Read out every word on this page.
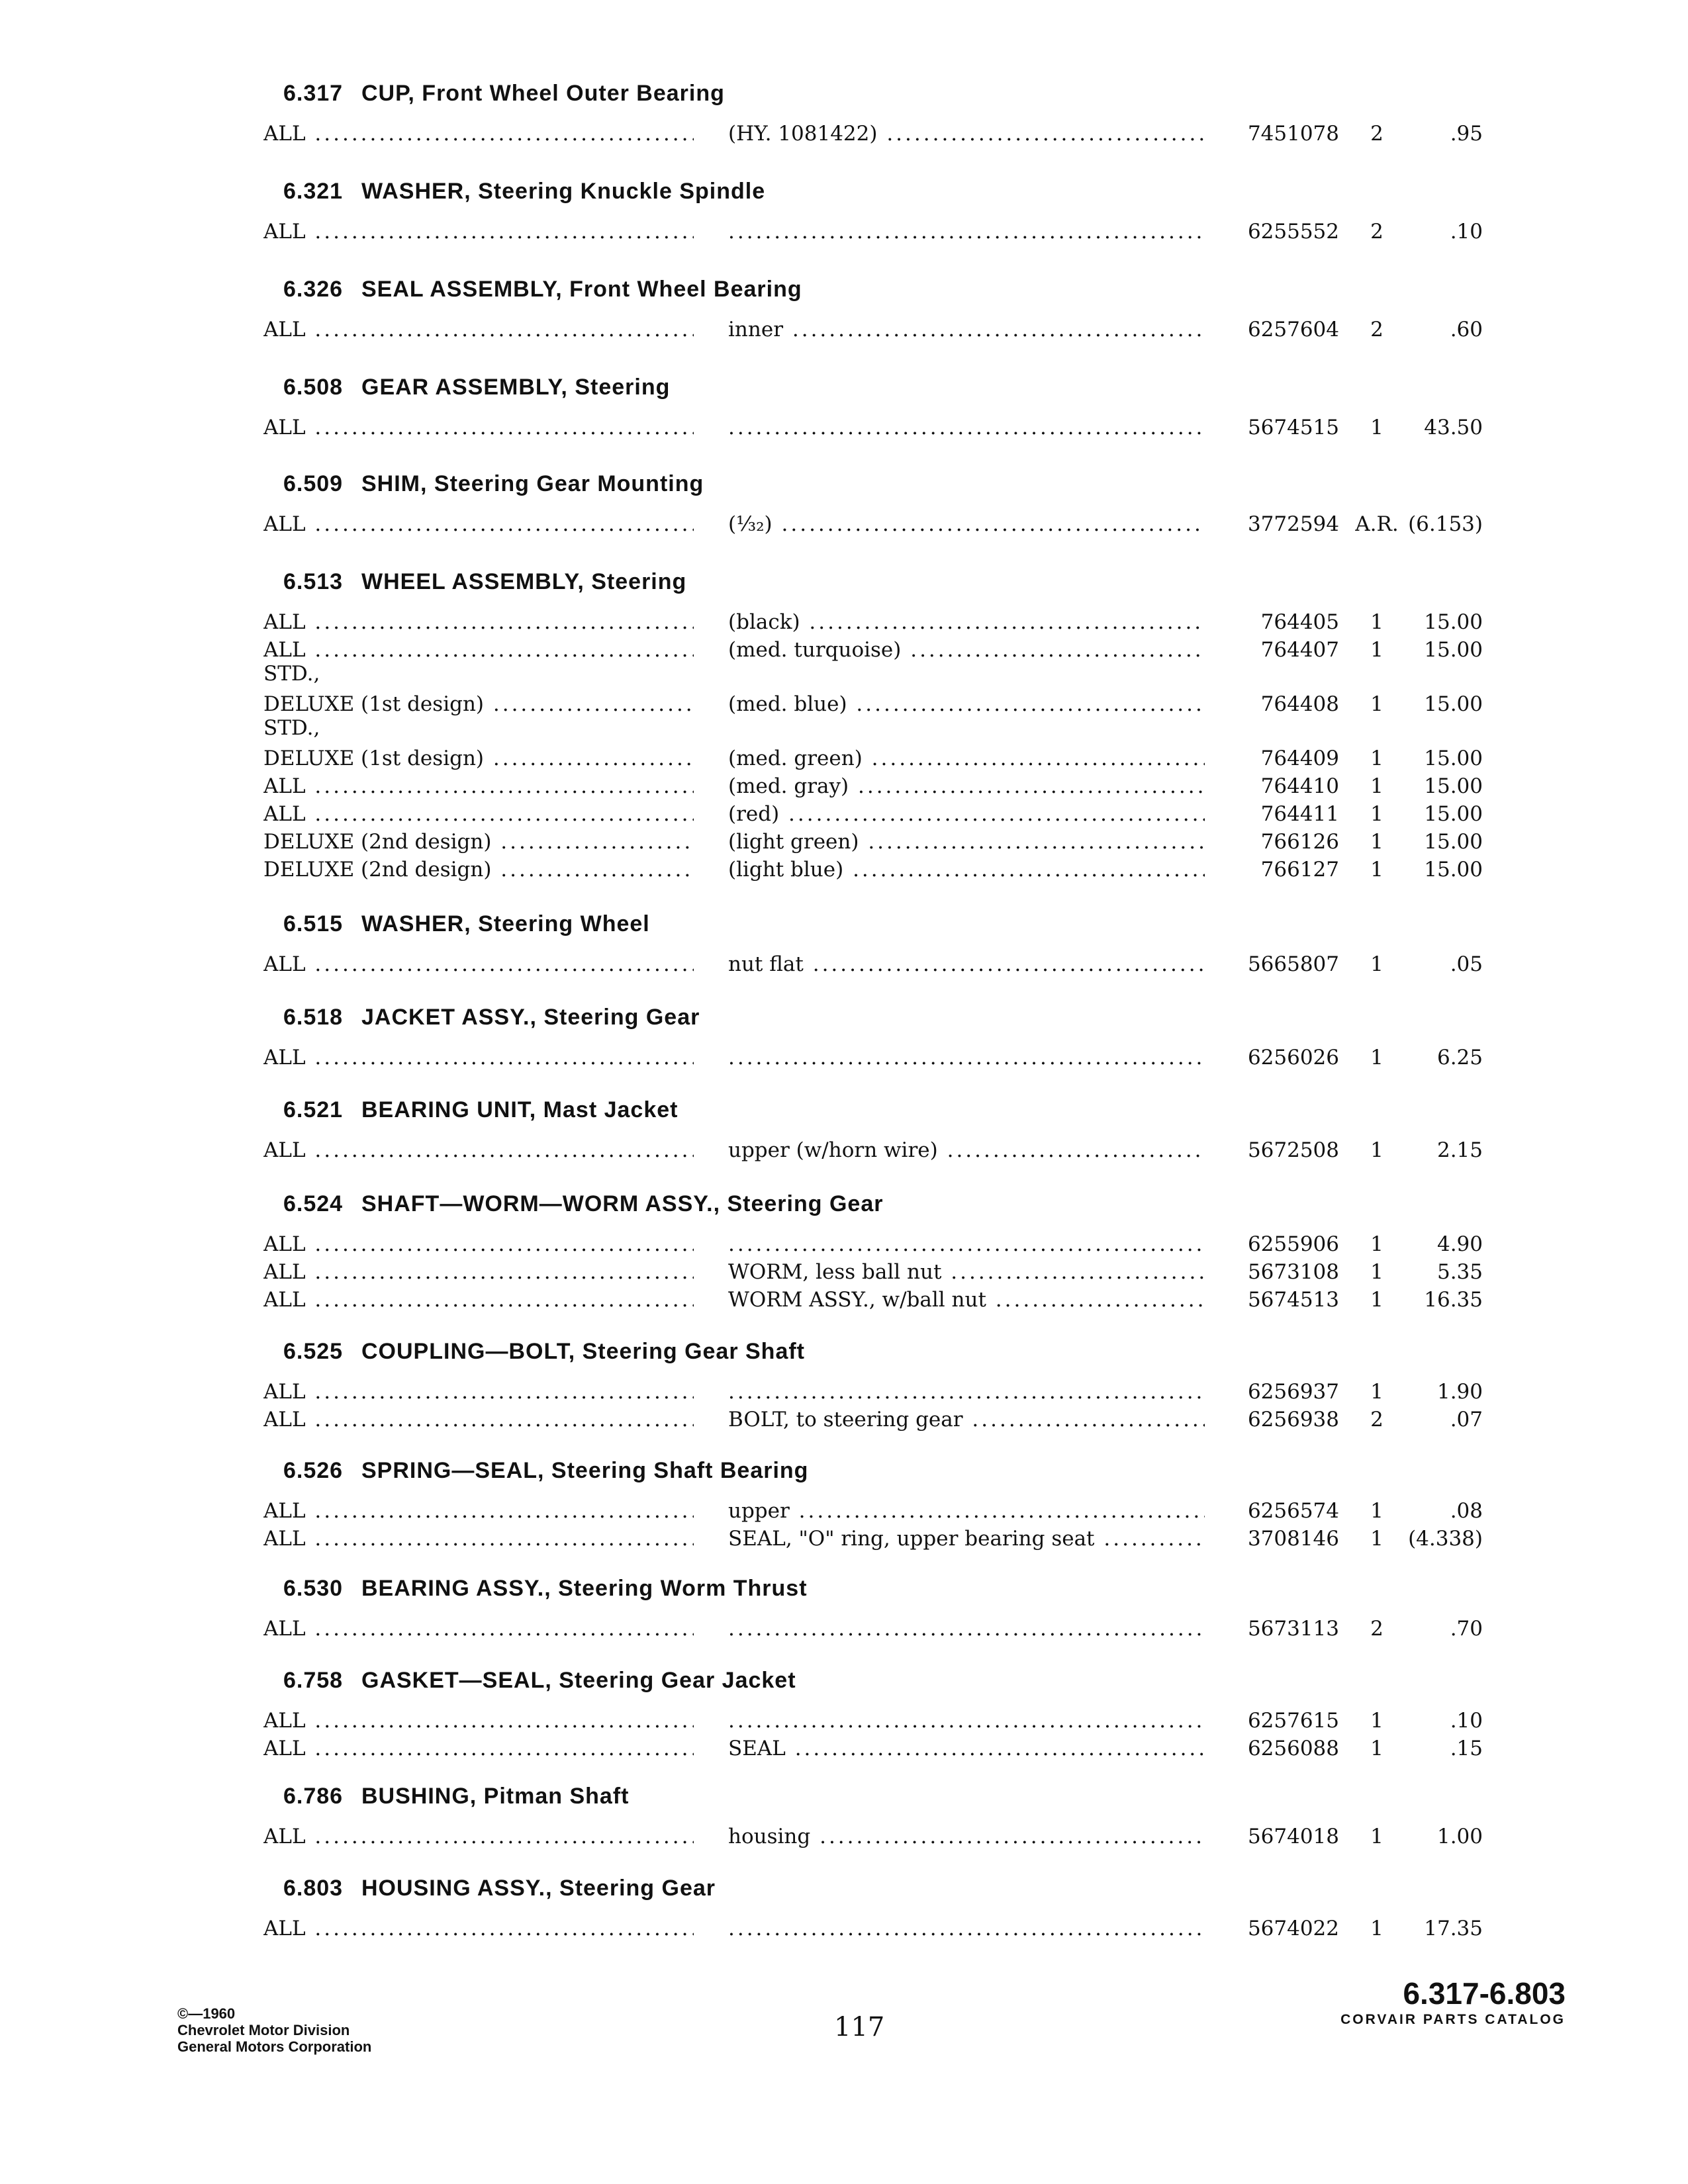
6.317 CUP, Front Wheel Outer Bearing
ALL .....	(HY. 1081422) .....	7451078	2	.95
6.321 WASHER, Steering Knuckle Spindle
ALL ..... .....	6255552	2	.10
6.326 SEAL ASSEMBLY, Front Wheel Bearing
ALL .....	inner .....	6257604	2	.60
6.508 GEAR ASSEMBLY, Steering
ALL ..... .....	5674515	1	43.50
6.509 SHIM, Steering Gear Mounting
ALL .....	(¹⁄₃₂) .....	3772594 A.R. (6.153)
6.513 WHEEL ASSEMBLY, Steering
ALL .....	(black) .....	764405	1	15.00
ALL .....	(med. turquoise) .....	764407	1	15.00
STD.,
DELUXE (1st design) .....	(med. blue) .....	764408	1	15.00
STD.,
DELUXE (1st design) .....	(med. green) .....	764409	1	15.00
ALL .....	(med. gray) .....	764410	1	15.00
ALL .....	(red) .....	764411	1	15.00
DELUXE (2nd design) .....	(light green) .....	766126	1	15.00
DELUXE (2nd design) .....	(light blue) .....	766127	1	15.00
6.515 WASHER, Steering Wheel
ALL .....	nut flat .....	5665807	1	.05
6.518 JACKET ASSY., Steering Gear
ALL ..... .....	6256026	1	6.25
6.521 BEARING UNIT, Mast Jacket
ALL .....	upper (w/horn wire) .....	5672508	1	2.15
6.524 SHAFT—WORM—WORM ASSY., Steering Gear
ALL ..... .....	6255906	1	4.90
ALL .....	WORM, less ball nut .....	5673108	1	5.35
ALL .....	WORM ASSY., w/ball nut .....	5674513	1	16.35
6.525 COUPLING—BOLT, Steering Gear Shaft
ALL ..... .....	6256937	1	1.90
ALL .....	BOLT, to steering gear .....	6256938	2	.07
6.526 SPRING—SEAL, Steering Shaft Bearing
ALL .....	upper .....	6256574	1	.08
ALL .....	SEAL, "O" ring, upper bearing seat .....	3708146	1	(4.338)
6.530 BEARING ASSY., Steering Worm Thrust
ALL ..... .....	5673113	2	.70
6.758 GASKET—SEAL, Steering Gear Jacket
ALL ..... .....	6257615	1	.10
ALL .....	SEAL .....	6256088	1	.15
6.786 BUSHING, Pitman Shaft
ALL .....	housing .....	5674018	1	1.00
6.803 HOUSING ASSY., Steering Gear
ALL ..... .....	5674022	1	17.35
6.317-6.803
CORVAIR PARTS CATALOG
117
©—1960
Chevrolet Motor Division
General Motors Corporation
